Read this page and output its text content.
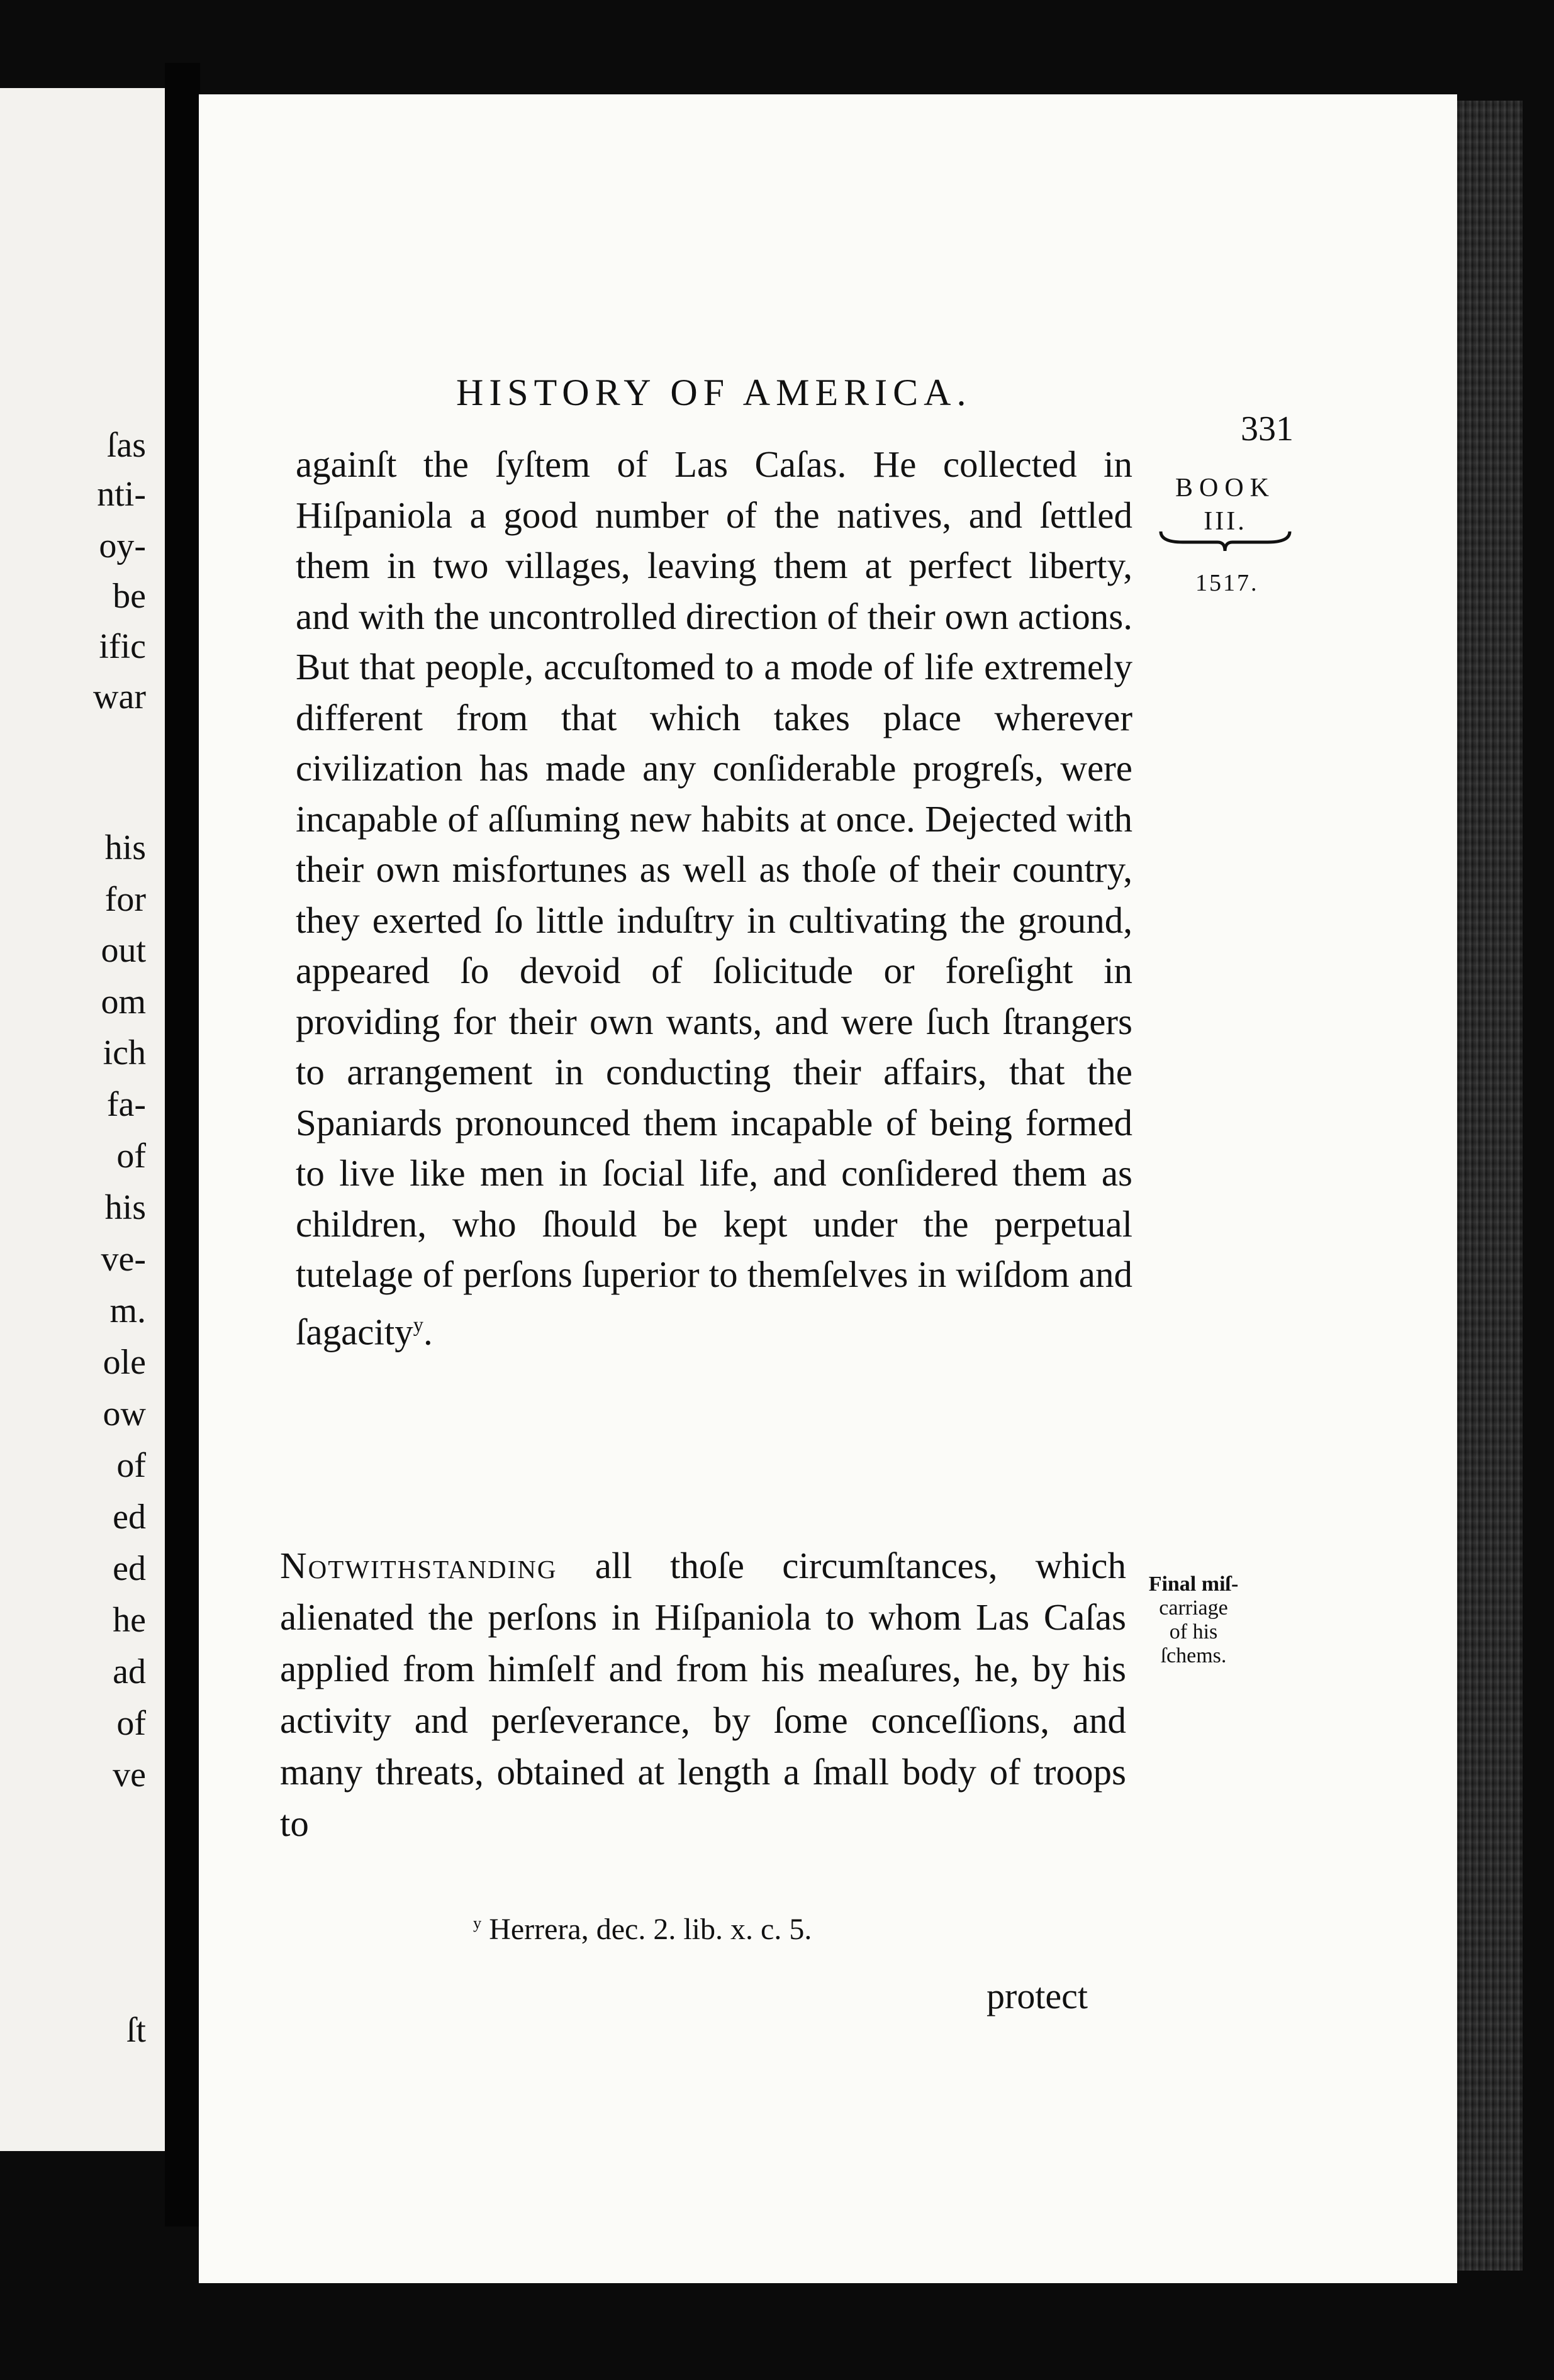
ſas
nti-
oy-
be
ific
war
his
for
out
om
ich
fa-
of
his
ve-
m.
ole
ow
of
ed
ed
he
ad
of
ve
ſt
HISTORY OF AMERICA.
331
BOOK
III.
1517.

againſt the ſyſtem of Las Caſas. He collected in Hiſpaniola a good number of the natives, and ſettled them in two villages, leaving them at perfect liberty, and with the uncontrolled direction of their own actions. But that people, accuſtomed to a mode of life extremely different from that which takes place wherever civilization has made any conſiderable progreſs, were incapable of aſſuming new habits at once. Dejected with their own misfortunes as well as thoſe of their country, they exerted ſo little induſtry in cultivating the ground, appeared ſo devoid of ſolicitude or foreſight in providing for their own wants, and were ſuch ſtrangers to arrangement in conducting their affairs, that the Spaniards pronounced them incapable of being formed to live like men in ſocial life, and conſidered them as children, who ſhould be kept under the perpetual tutelage of perſons ſuperior to themſelves in wiſdom and ſagacity$^y$.

Notwithstanding all thoſe circumſtances, which alienated the perſons in Hiſpaniola to whom Las Caſas applied from himſelf and from his meaſures, he, by his activity and perſeverance, by ſome conceſſions, and many threats, obtained at length a ſmall body of troops to

Final miſ-
carriage
of his
ſchems.
$^y$ Herrera, dec. 2. lib. x. c. 5.
protect
